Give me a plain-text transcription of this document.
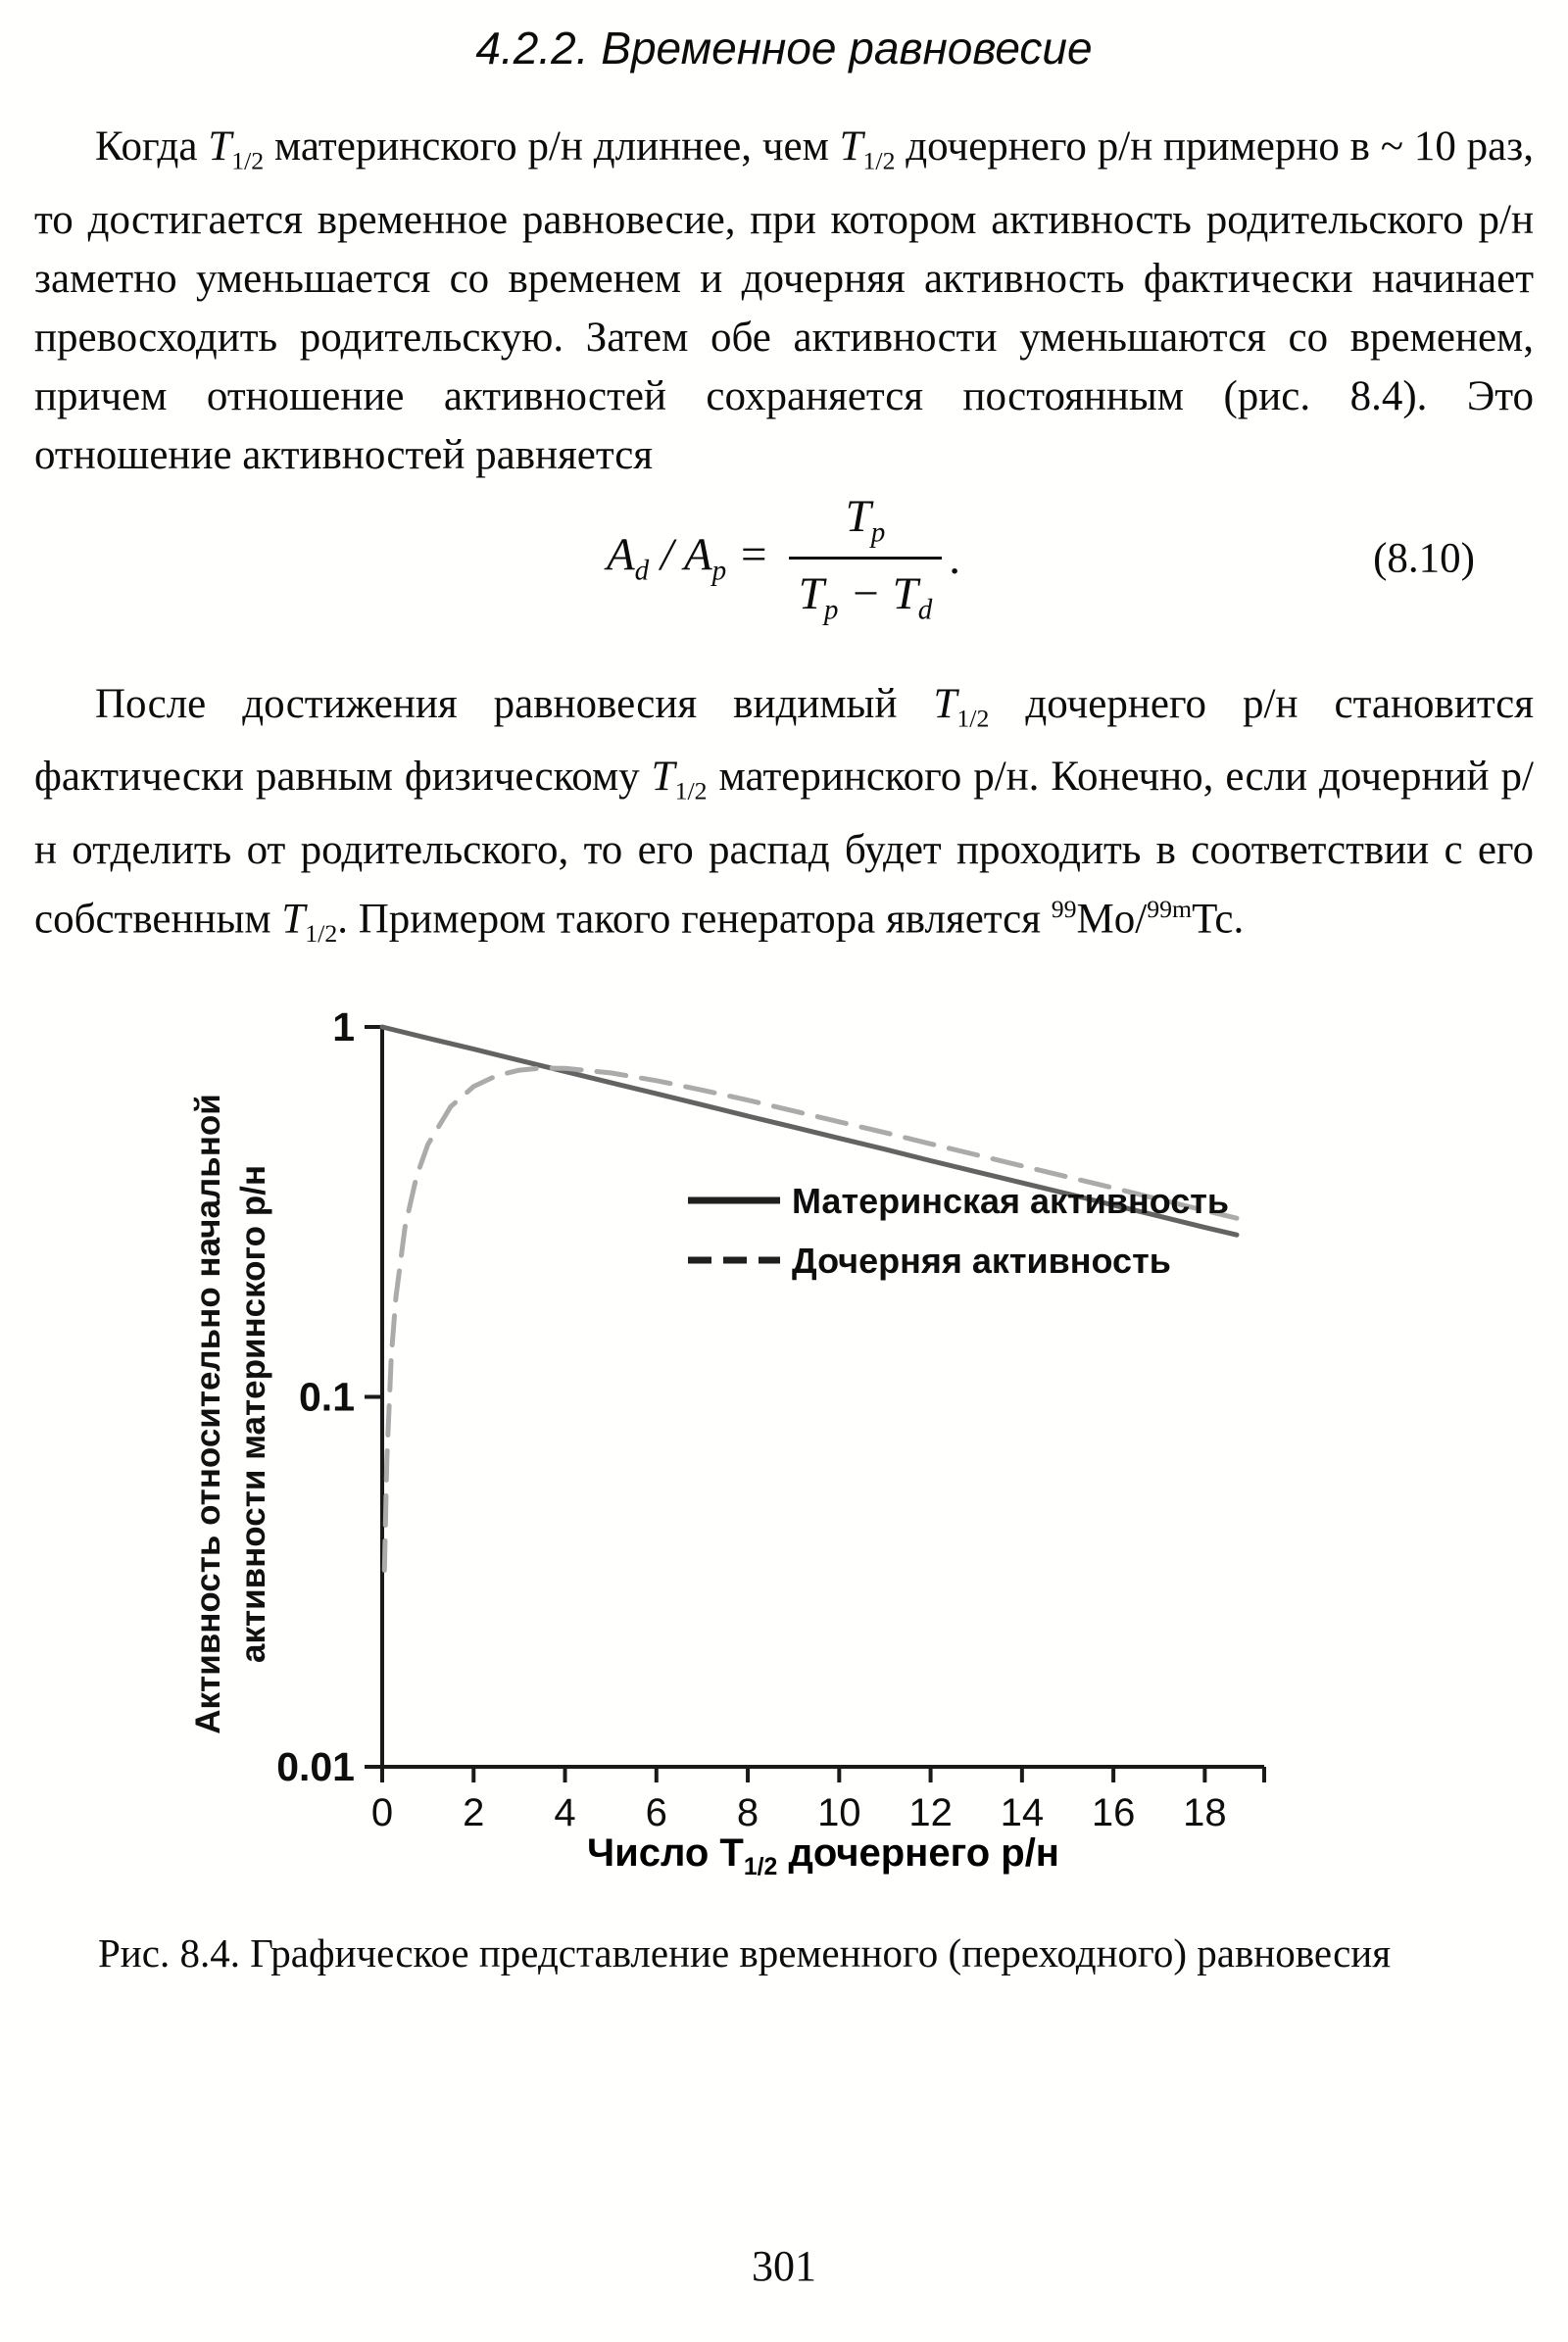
4.2.2. Временное равновесие

Когда $T_{1/2}$ материнского р/н длиннее, чем $T_{1/2}$ дочернего р/н примерно в ~ 10 раз, то достигается временное равновесие, при котором активность родительского р/н заметно уменьшается со временем и дочерняя активность фактически начинает превосходить родительскую. Затем обе активности уменьшаются со временем, причем отношение активностей сохраняется постоянным (рис. 8.4). Это отношение активностей равняется

$A_d / A_p = \frac{T_p}{T_p - T_d}$ .	(8.10)

После достижения равновесия видимый $T_{1/2}$ дочернего р/н становится фактически равным физическому $T_{1/2}$ материнского р/н. Конечно, если дочерний р/н отделить от родительского, то его распад будет проходить в соответствии с его собственным $T_{1/2}$. Примером такого генератора является $^{99}$Mo/$^{99m}$Tc.

Активность относительно начальной активности материнского р/н
1
0.1
0.01
0 2 4 6 8 10 12 14 16 18
Материнская активность
Дочерняя активность
Число $T_{1/2}$ дочернего р/н

Рис. 8.4. Графическое представление временного (переходного) равновесия

301
